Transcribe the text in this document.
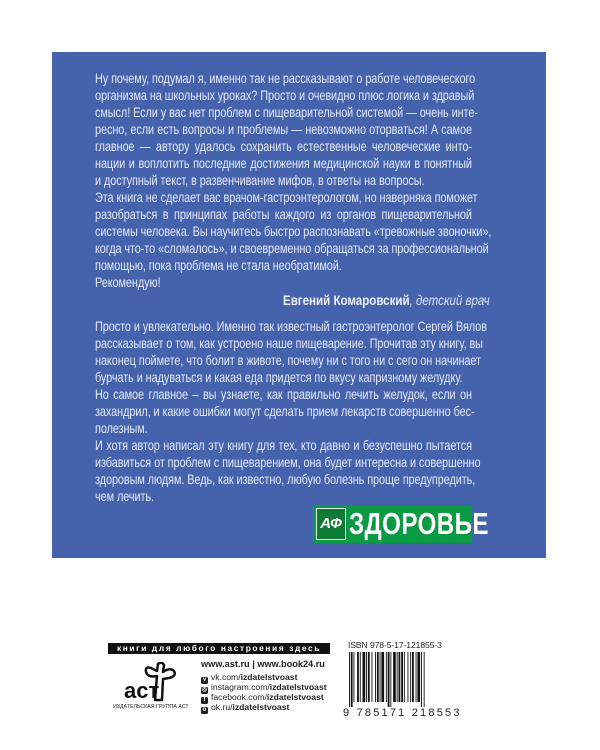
Ну почему, подумал я, именно так не рассказывают о работе человеческого
организма на школьных уроках? Просто и очевидно плюс логика и здравый
смысл! Если у вас нет проблем с пищеварительной системой — очень инте-
ресно, если есть вопросы и проблемы — невозможно оторваться! А самое
главное — автору удалось сохранить естественные человеческие инто-
нации и воплотить последние достижения медицинской науки в понятный
и доступный текст, в развенчивание мифов, в ответы на вопросы.
Эта книга не сделает вас врачом-гастроэнтерологом, но наверняка поможет
разобраться в принципах работы каждого из органов пищеварительной
системы человека. Вы научитесь быстро распознавать «тревожные звоночки»,
когда что-то «сломалось», и своевременно обращаться за профессиональной
помощью, пока проблема не стала необратимой.
Рекомендую!
Евгений Комаровский, детский врач
Просто и увлекательно. Именно так известный гастроэнтеролог Сергей Вялов
рассказывает о том, как устроено наше пищеварение. Прочитав эту книгу, вы
наконец поймете, что болит в животе, почему ни с того ни с сего он начинает
бурчать и надуваться и какая еда придется по вкусу капризному желудку.
Но самое главное – вы узнаете, как правильно лечить желудок, если он
захандрил, и какие ошибки могут сделать прием лекарств совершенно бес-
полезным.
И хотя автор написал эту книгу для тех, кто давно и безуспешно пытается
избавиться от проблем с пищеварением, она будет интересна и совершенно
здоровым людям. Ведь, как известно, любую болезнь проще предупредить,
чем лечить.
АФ ЗДОРОВЬЕ
книги для любого настроения здесь
аст
ИЗДАТЕЛЬСКАЯ ГРУППА АСТ
www.ast.ru | www.book24.ru
v vk.com/izdatelstvoast
◎ instagram.com/izdatelstvoast
f facebook.com/izdatelstvoast
o ok.ru/izdatelstvoast
ISBN 978-5-17-121855-3
9 785171 218553
